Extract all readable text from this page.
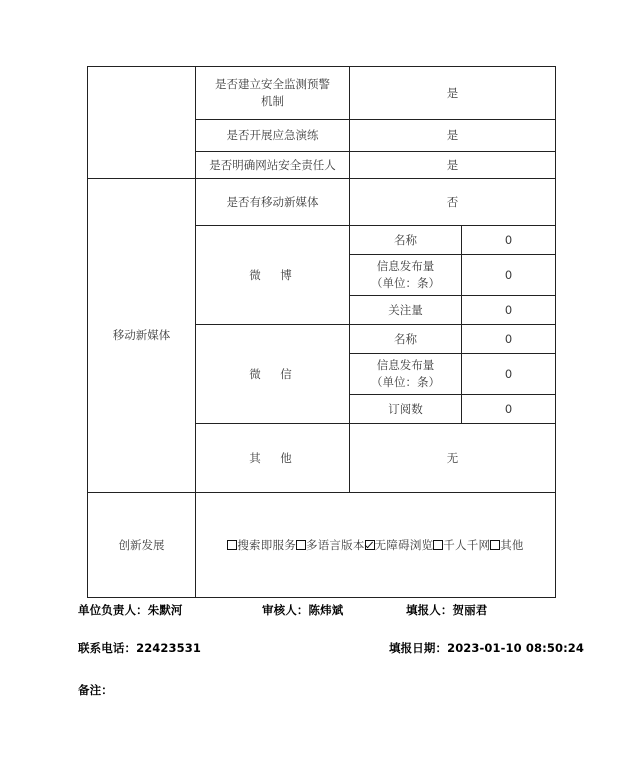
	是否建立安全监测预警
机制	是	
	是否开展应急演练	是	
	是否明确网站安全责任人	是	
移动新媒体	是否有移动新媒体	否	
	微　博	名称	0

		信息发布量
（单位：条）	0
		关注量	0
	微　信	名称	0

		信息发布量
（单位：条）	0
		订阅数	0
	其　他	无	
创新发展	搜索即服务 多语言版本 无障碍浏览 千人千网 其他		
单位负责人：朱默河	审核人：陈炜斌	填报人：贺丽君
联系电话：22423531	填报日期：2023-01-10 08:50:24
备注：
